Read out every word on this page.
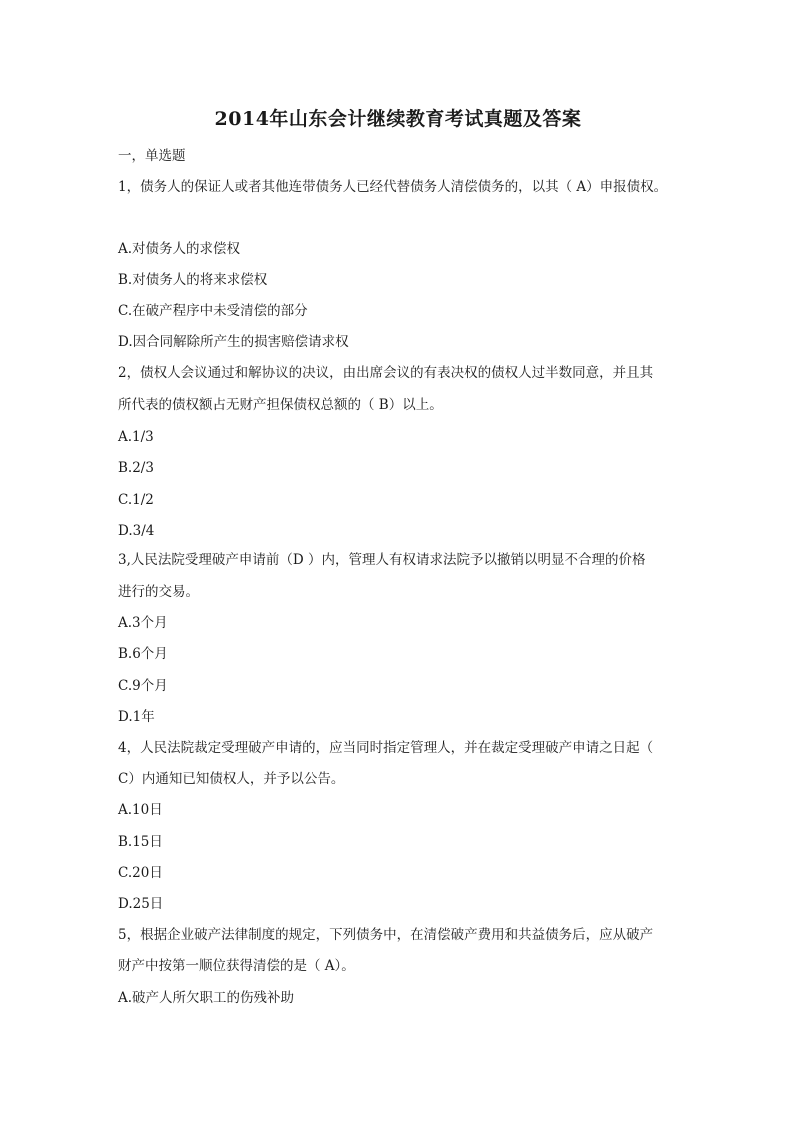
2014年山东会计继续教育考试真题及答案
一，单选题
1，债务人的保证人或者其他连带债务人已经代替债务人清偿债务的，以其（ A）申报债权。
A.对债务人的求偿权
B.对债务人的将来求偿权
C.在破产程序中未受清偿的部分
D.因合同解除所产生的损害赔偿请求权
2，债权人会议通过和解协议的决议，由出席会议的有表决权的债权人过半数同意，并且其
所代表的债权额占无财产担保债权总额的（ B）以上。
A.1/3
B.2/3
C.1/2
D.3/4
3,人民法院受理破产申请前（D ）内，管理人有权请求法院予以撤销以明显不合理的价格
进行的交易。
A.3个月
B.6个月
C.9个月
D.1年
4，人民法院裁定受理破产申请的，应当同时指定管理人，并在裁定受理破产申请之日起（
C）内通知已知债权人，并予以公告。
A.10日
B.15日
C.20日
D.25日
5，根据企业破产法律制度的规定，下列债务中，在清偿破产费用和共益债务后，应从破产
财产中按第一顺位获得清偿的是（ A）。
A.破产人所欠职工的伤残补助
